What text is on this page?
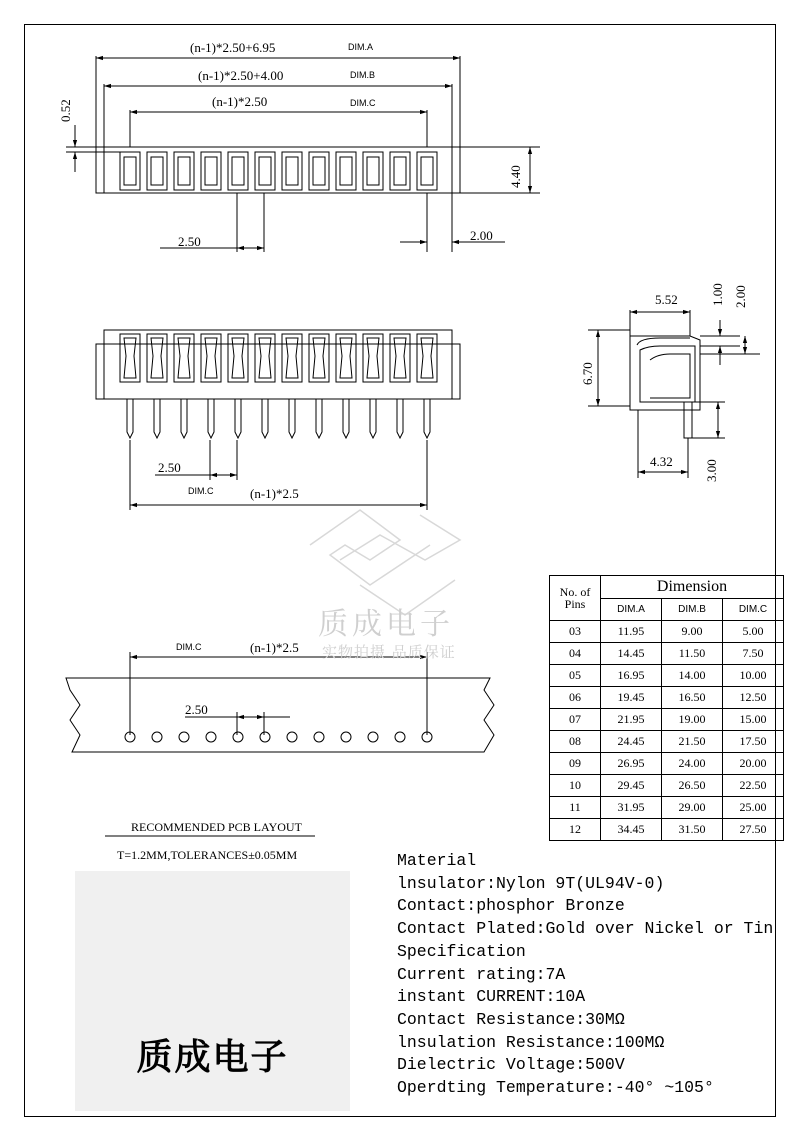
(n-1)*2.50+6.95	DIM.A
(n-1)*2.50+4.00	DIM.B
(n-1)*2.50	DIM.C
0.52
4.40
2.50	2.00
2.50
DIM.C	(n-1)*2.5
5.52 1.00 2.00
6.70
4.32 3.00
DIM.C	(n-1)*2.5
2.50
质成电子
实物拍摄 品质保证
RECOMMENDED PCB LAYOUT
T=1.2MM,TOLERANCES±0.05MM
No. of
Pins	Dimension		
	DIM.A	DIM.B	DIM.C
03	11.95	9.00	5.00
04	14.45	11.50	7.50
05	16.95	14.00	10.00
06	19.45	16.50	12.50
07	21.95	19.00	15.00
08	24.45	21.50	17.50
09	26.95	24.00	20.00
10	29.45	26.50	22.50
11	31.95	29.00	25.00
12	34.45	31.50	27.50
Material
lnsulator:Nylon 9T(UL94V-0)
Contact:phosphor Bronze
Contact Plated:Gold over Nickel or Tin
Specification
Current rating:7A
instant CURRENT:10A
Contact Resistance:30MΩ
lnsulation Resistance:100MΩ
Dielectric Voltage:500V
Operdting Temperature:-40° ~105°
质成电子
